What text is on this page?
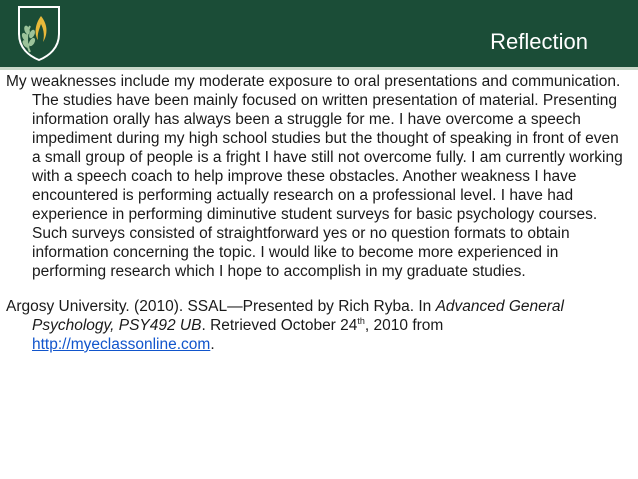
Reflection

My weaknesses include my moderate exposure to oral presentations and communication. The studies have been mainly focused on written presentation of material. Presenting information orally has always been a struggle for me. I have overcome a speech impediment during my high school studies but the thought of speaking in front of even a small group of people is a fright I have still not overcome fully. I am currently working with a speech coach to help improve these obstacles. Another weakness I have encountered is performing actually research on a professional level. I have had experience in performing diminutive student surveys for basic psychology courses. Such surveys consisted of straightforward yes or no question formats to obtain information concerning the topic. I would like to become more experienced in performing research which I hope to accomplish in my graduate studies.

Argosy University. (2010). SSAL—Presented by Rich Ryba. In Advanced General Psychology, PSY492 UB. Retrieved October 24th, 2010 from http://myeclassonline.com.
